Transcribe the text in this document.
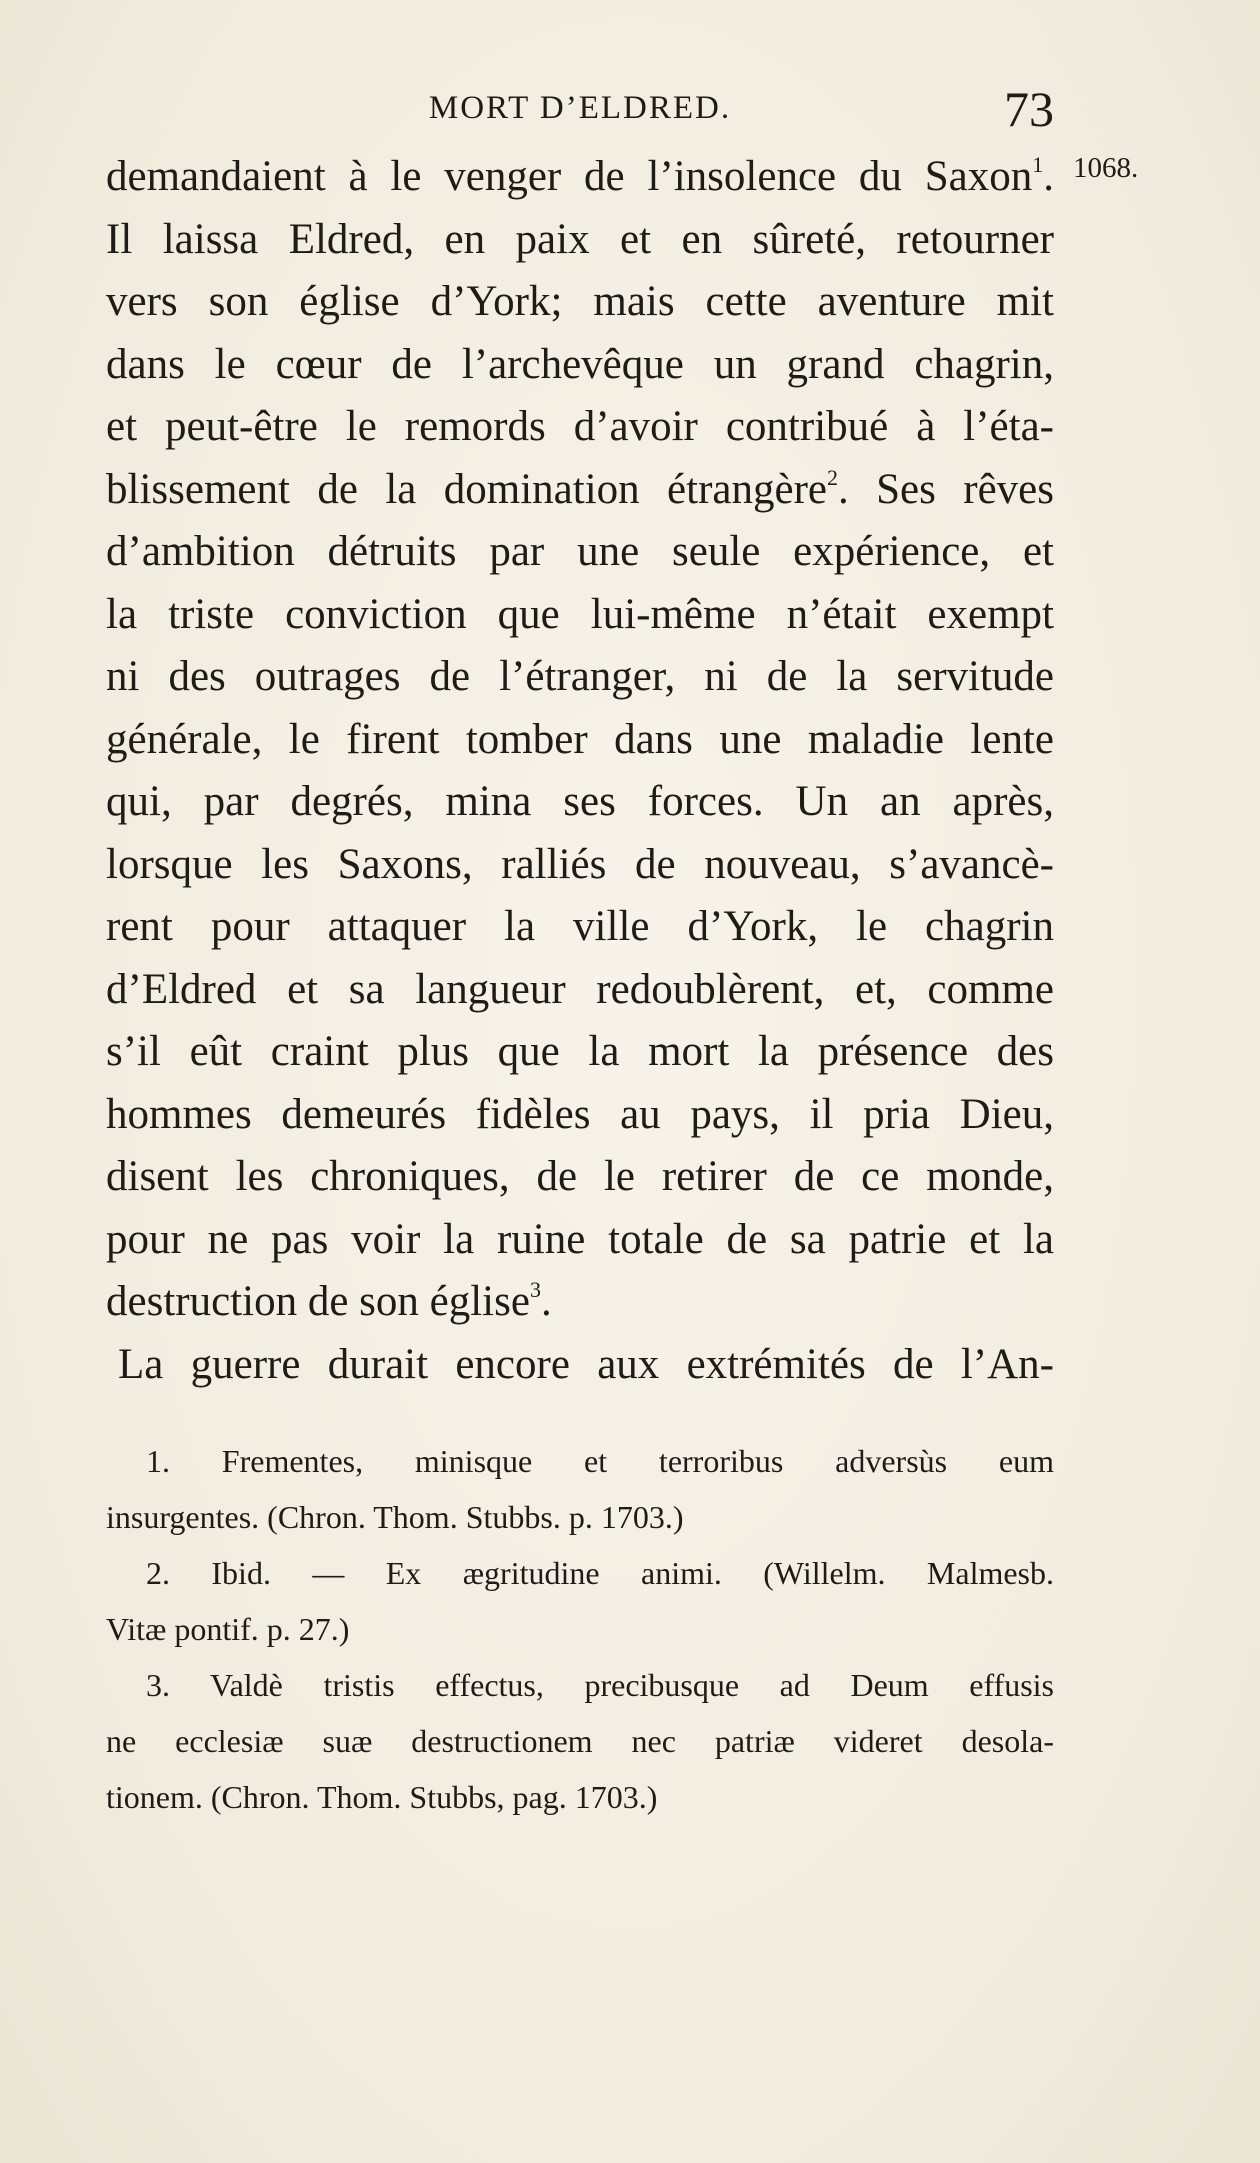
MORT D’ELDRED.	73
1068.
demandaient à le venger de l’insolence du Saxon$^1$.
Il laissa Eldred, en paix et en sûreté, retourner
vers son église d’York; mais cette aventure mit
dans le cœur de l’archevêque un grand chagrin,
et peut-être le remords d’avoir contribué à l’éta-
blissement de la domination étrangère$^2$. Ses rêves
d’ambition détruits par une seule expérience, et
la triste conviction que lui-même n’était exempt
ni des outrages de l’étranger, ni de la servitude
générale, le firent tomber dans une maladie lente
qui, par degrés, mina ses forces. Un an après,
lorsque les Saxons, ralliés de nouveau, s’avancè-
rent pour attaquer la ville d’York, le chagrin
d’Eldred et sa langueur redoublèrent, et, comme
s’il eût craint plus que la mort la présence des
hommes demeurés fidèles au pays, il pria Dieu,
disent les chroniques, de le retirer de ce monde,
pour ne pas voir la ruine totale de sa patrie et la
destruction de son église$^3$.
La guerre durait encore aux extrémités de l’An-
1. Frementes, minisque et terroribus adversùs eum
insurgentes. (Chron. Thom. Stubbs. p. 1703.)
2. Ibid. — Ex ægritudine animi. (Willelm. Malmesb.
Vitæ pontif. p. 27.)
3. Valdè tristis effectus, precibusque ad Deum effusis
ne ecclesiæ suæ destructionem nec patriæ videret desola-
tionem. (Chron. Thom. Stubbs, pag. 1703.)
